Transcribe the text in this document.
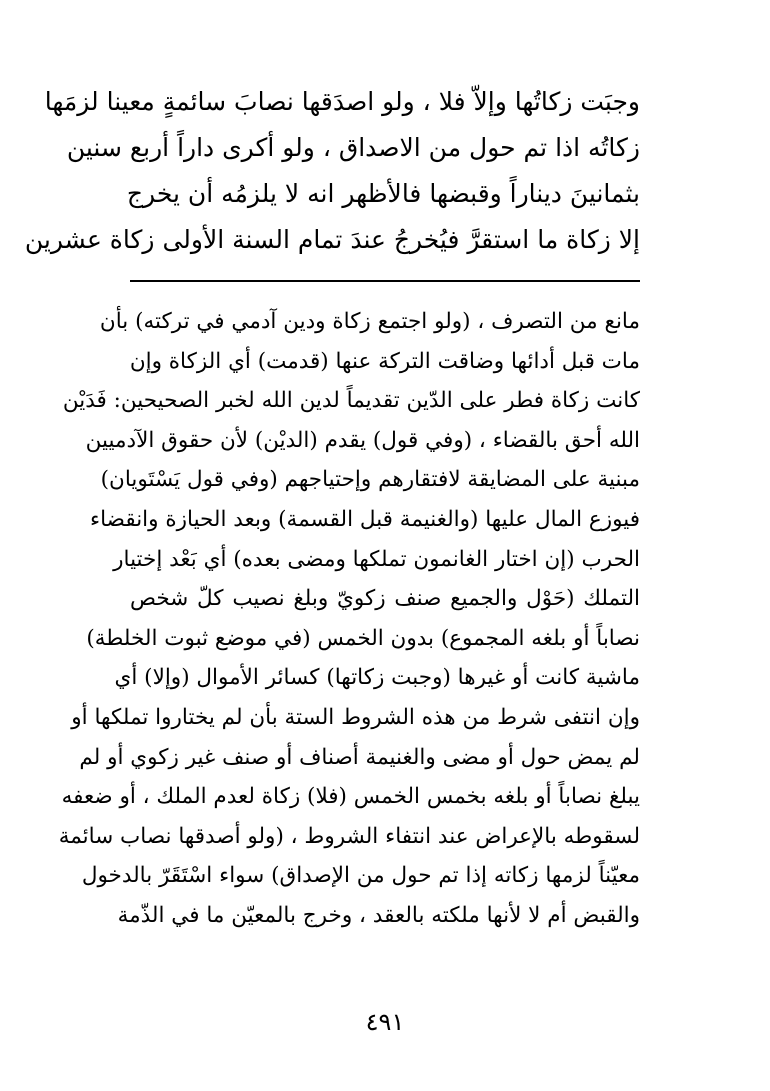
وجبَت زكاتُها وإلاّ فلا ، ولو اصدَقها نصابَ سائمةٍ معينا لزمَها
زكاتُه اذا تم حول من الاصداق ، ولو أكرى داراً أربع سنين
بثمانينَ ديناراً وقبضها فالأظهر انه لا يلزمُه أن يخرج
إلا زكاة ما استقرَّ فيُخرجُ عندَ تمام السنة الأولى زكاة عشرين
مانع من التصرف ، (ولو اجتمع زكاة ودين آدمي في تركته) بأن
مات قبل أدائها وضاقت التركة عنها (قدمت) أي الزكاة وإن
كانت زكاة فطر على الدّين تقديماً لدين الله لخبر الصحيحين: فَدَيْن
الله أحق بالقضاء ، (وفي قول) يقدم (الديْن) لأن حقوق الآدميين
مبنية على المضايقة لافتقارهم وإحتياجهم (وفي قول يَسْتَويان)
فيوزع المال عليها (والغنيمة قبل القسمة) وبعد الحيازة وانقضاء
الحرب (إن اختار الغانمون تملكها ومضى بعده) أي بَعْد إختيار
التملك (حَوْل والجميع صنف زكويّ وبلغ نصيب كلّ شخص
نصاباً أو بلغه المجموع) بدون الخمس (في موضع ثبوت الخلطة)
ماشية كانت أو غيرها (وجبت زكاتها) كسائر الأموال (وإلا) أي
وإن انتفى شرط من هذه الشروط الستة بأن لم يختاروا تملكها أو
لم يمض حول أو مضى والغنيمة أصناف أو صنف غير زكوي أو لم
يبلغ نصاباً أو بلغه بخمس الخمس (فلا) زكاة لعدم الملك ، أو ضعفه
لسقوطه بالإعراض عند انتفاء الشروط ، (ولو أصدقها نصاب سائمة
معيّناً لزمها زكاته إذا تم حول من الإصداق) سواء اسْتَقَرّ بالدخول
والقبض أم لا لأنها ملكته بالعقد ، وخرج بالمعيّن ما في الذّمة
٤٩١
